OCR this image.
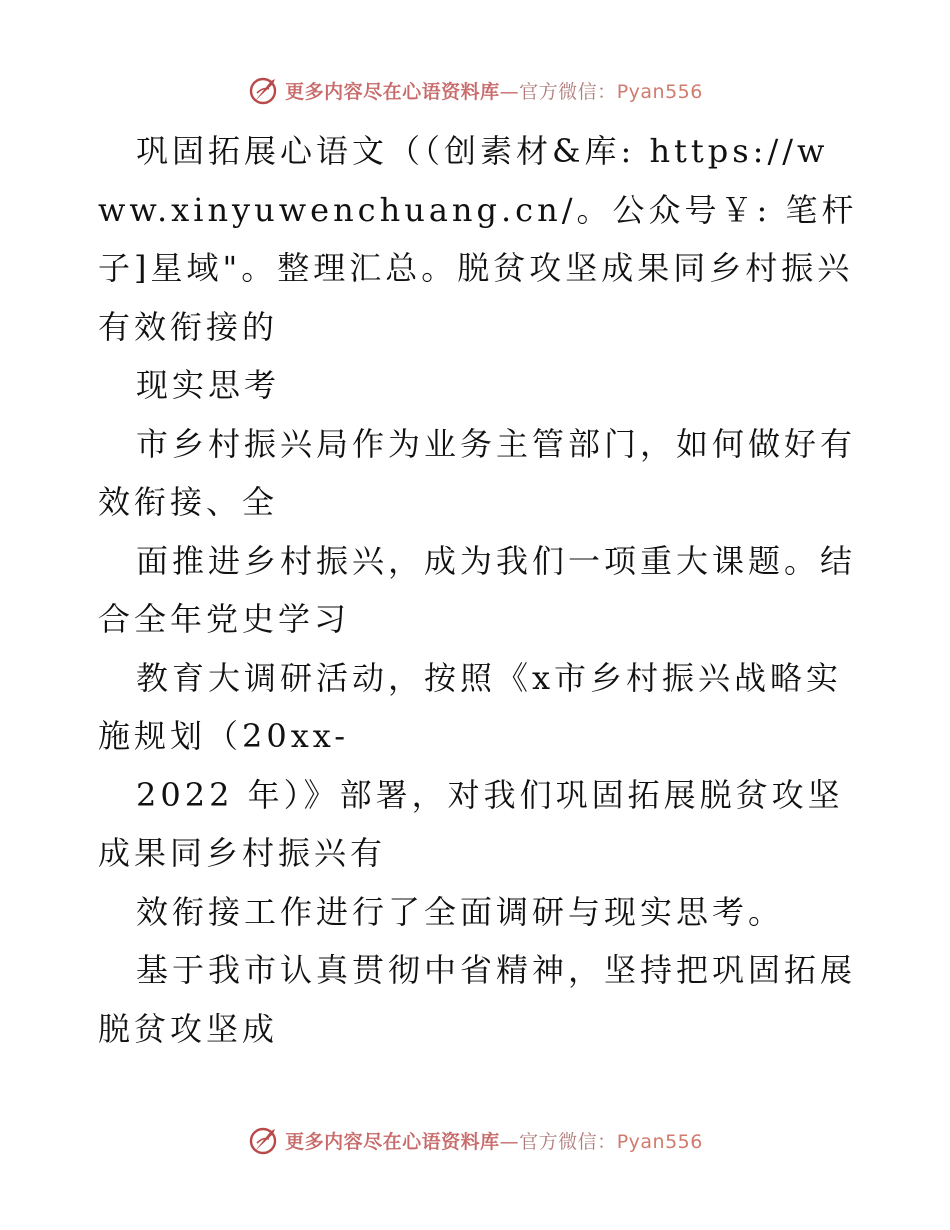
更多内容尽在心语资料库—官方微信：Pyan556

巩固拓展心语文（（创素材&库: https://www.xinyuwenchuang.cn/。公众号￥: 笔杆子]星域"。整理汇总。脱贫攻坚成果同乡村振兴有效衔接的

现实思考

市乡村振兴局作为业务主管部门，如何做好有效衔接、全

面推进乡村振兴，成为我们一项重大课题。结合全年党史学习

教育大调研活动，按照《x市乡村振兴战略实施规划（20xx-

2022 年）》部署，对我们巩固拓展脱贫攻坚成果同乡村振兴有

效衔接工作进行了全面调研与现实思考。

基于我市认真贯彻中省精神，坚持把巩固拓展脱贫攻坚成

更多内容尽在心语资料库—官方微信：Pyan556
